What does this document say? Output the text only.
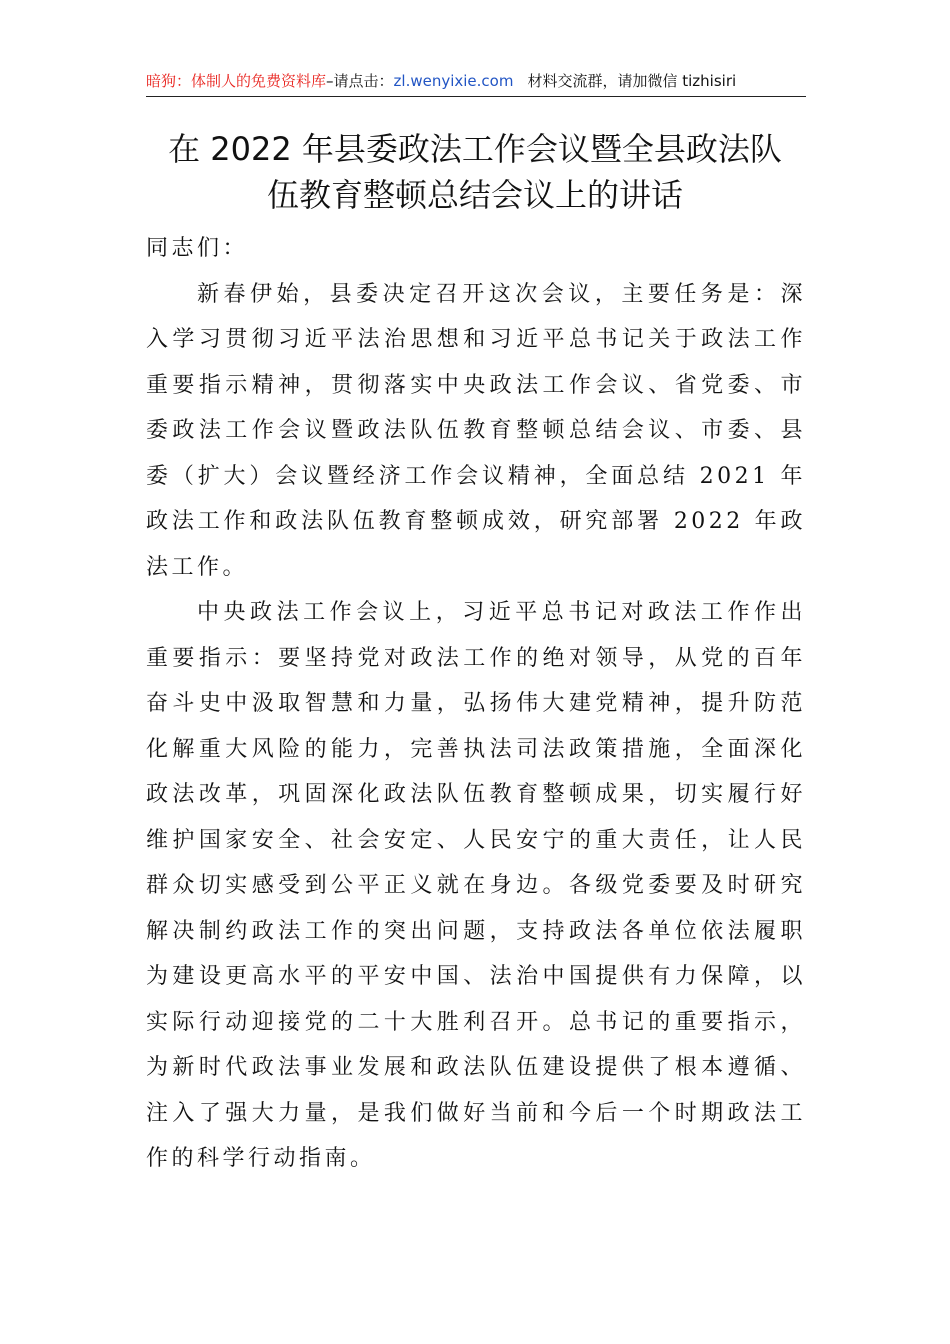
暗狗：体制人的免费资料库–请点击：zl.wenyixie.com 材料交流群，请加微信 tizhisiri
在 2022 年县委政法工作会议暨全县政法队
伍教育整顿总结会议上的讲话

同志们：

新春伊始，县委决定召开这次会议，主要任务是：深入学习贯彻习近平法治思想和习近平总书记关于政法工作重要指示精神，贯彻落实中央政法工作会议、省党委、市委政法工作会议暨政法队伍教育整顿总结会议、市委、县委（扩大）会议暨经济工作会议精神，全面总结 2021 年政法工作和政法队伍教育整顿成效，研究部署 2022 年政法工作。

中央政法工作会议上，习近平总书记对政法工作作出重要指示：要坚持党对政法工作的绝对领导，从党的百年奋斗史中汲取智慧和力量，弘扬伟大建党精神，提升防范化解重大风险的能力，完善执法司法政策措施，全面深化政法改革，巩固深化政法队伍教育整顿成果，切实履行好维护国家安全、社会安定、人民安宁的重大责任，让人民群众切实感受到公平正义就在身边。各级党委要及时研究解决制约政法工作的突出问题，支持政法各单位依法履职为建设更高水平的平安中国、法治中国提供有力保障，以实际行动迎接党的二十大胜利召开。总书记的重要指示，为新时代政法事业发展和政法队伍建设提供了根本遵循、注入了强大力量，是我们做好当前和今后一个时期政法工作的科学行动指南。
